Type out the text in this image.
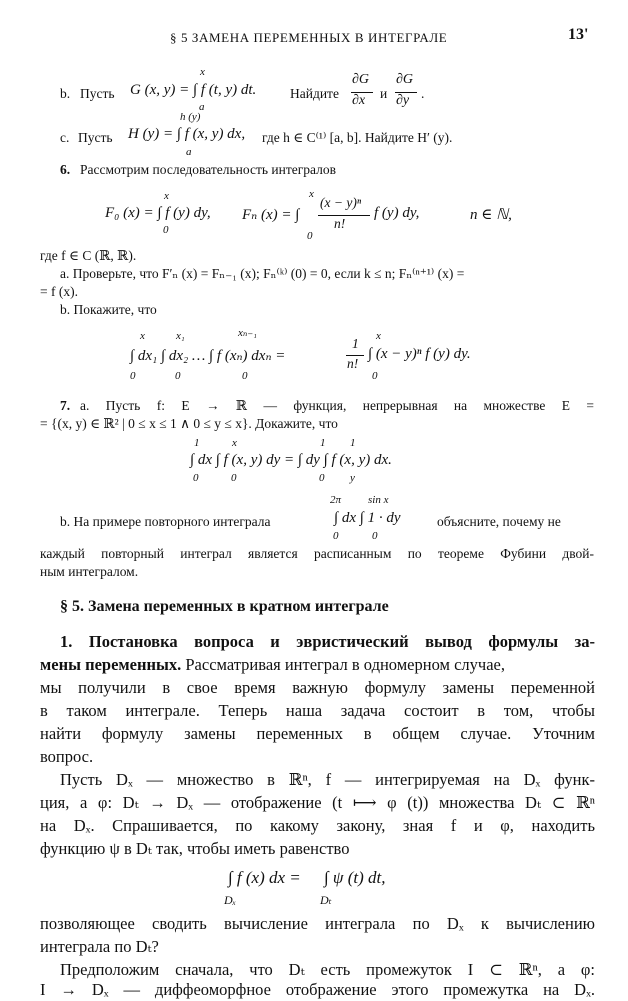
§ 5 ЗАМЕНА ПЕРЕМЕННЫХ В ИНТЕГРАЛЕ	13'
b. Пусть G (x, y) = ∫ f (t, y) dt.
x
a
Найдите
∂G
∂x и
∂G
∂y .
c. Пусть H (y) = ∫ f (x, y) dx,
h (y)
a
где h ∈ C⁽¹⁾ [a, b]. Найдите H′ (y).
6. Рассмотрим последовательность интегралов
F₀ (x) = ∫ f (y) dy,
x
0
Fₙ (x) = ∫
x
0
(x − y)ⁿ
n!
f (y) dy,	n ∈ ℕ,
где f ∈ C (ℝ, ℝ).
a. Проверьте, что F′ₙ (x) = Fₙ₋₁ (x); Fₙ⁽ᵏ⁾ (0) = 0, если k ≤ n; Fₙ⁽ⁿ⁺¹⁾ (x) =
= f (x).
b. Покажите, что
∫ dx₁ ∫ dx₂ … ∫ f (xₙ) dxₙ =
x	x₁	xₙ₋₁
0	0	0
1
n!
∫ (x − y)ⁿ f (y) dy.
x
0
7. a. Пусть f: E → ℝ — функция, непрерывная на множестве E =
= {(x, y) ∈ ℝ² | 0 ≤ x ≤ 1 ∧ 0 ≤ y ≤ x}. Докажите, что
∫ dx ∫ f (x, y) dy = ∫ dy ∫ f (x, y) dx.
1	x	1 1
0	0	0 y
b. На примере повторного интеграла	∫ dx ∫ 1 · dy
2π sin x
0	0
объясните, почему не
каждый повторный интеграл является расписанным по теореме Фубини двой-
ным интегралом.
§ 5. Замена переменных в кратном интеграле
1. Постановка вопроса и эвристический вывод формулы за-
мены переменных. Рассматривая интеграл в одномерном случае,
мы получили в свое время важную формулу замены переменной
в таком интеграле. Теперь наша задача состоит в том, чтобы
найти формулу замены переменных в общем случае. Уточним
вопрос.
Пусть Dₓ — множество в ℝⁿ, f — интегрируемая на Dₓ функ-
ция, а φ: Dₜ → Dₓ — отображение (t ⟼ φ (t)) множества Dₜ ⊂ ℝⁿ
на Dₓ. Спрашивается, по какому закону, зная f и φ, находить
функцию ψ в Dₜ так, чтобы иметь равенство
∫ f (x) dx =
Dₓ
∫ ψ (t) dt,
Dₜ
позволяющее сводить вычисление интеграла по Dₓ к вычислению
интеграла по Dₜ?
Предположим сначала, что Dₜ есть промежуток I ⊂ ℝⁿ, а φ:
I → Dₓ — диффеоморфное отображение этого промежутка на Dₓ.
